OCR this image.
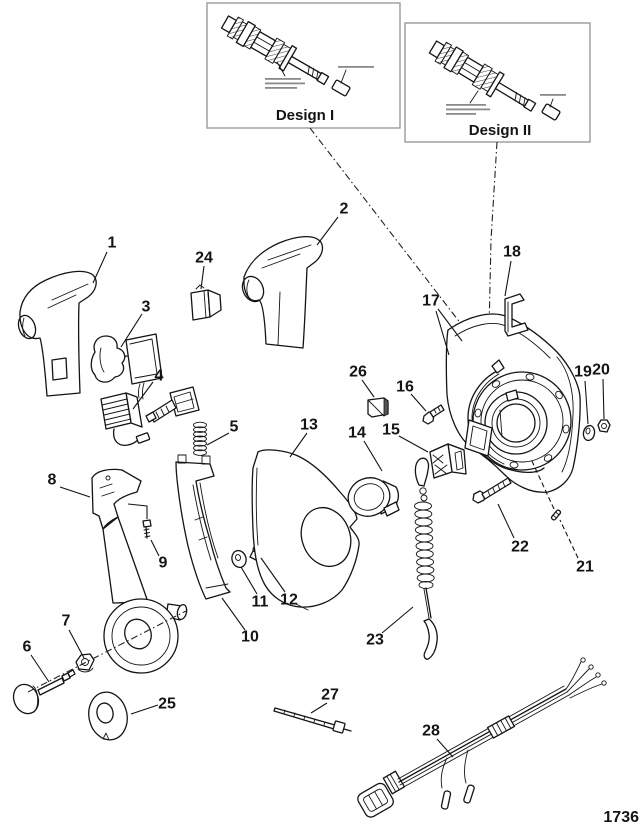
Design I
Design II
1736
1
2
3
4
5
6
7
8
9
10
11 12
13 14 15
16
17
18
19 20
21
22
23
24
25
26
27
28
